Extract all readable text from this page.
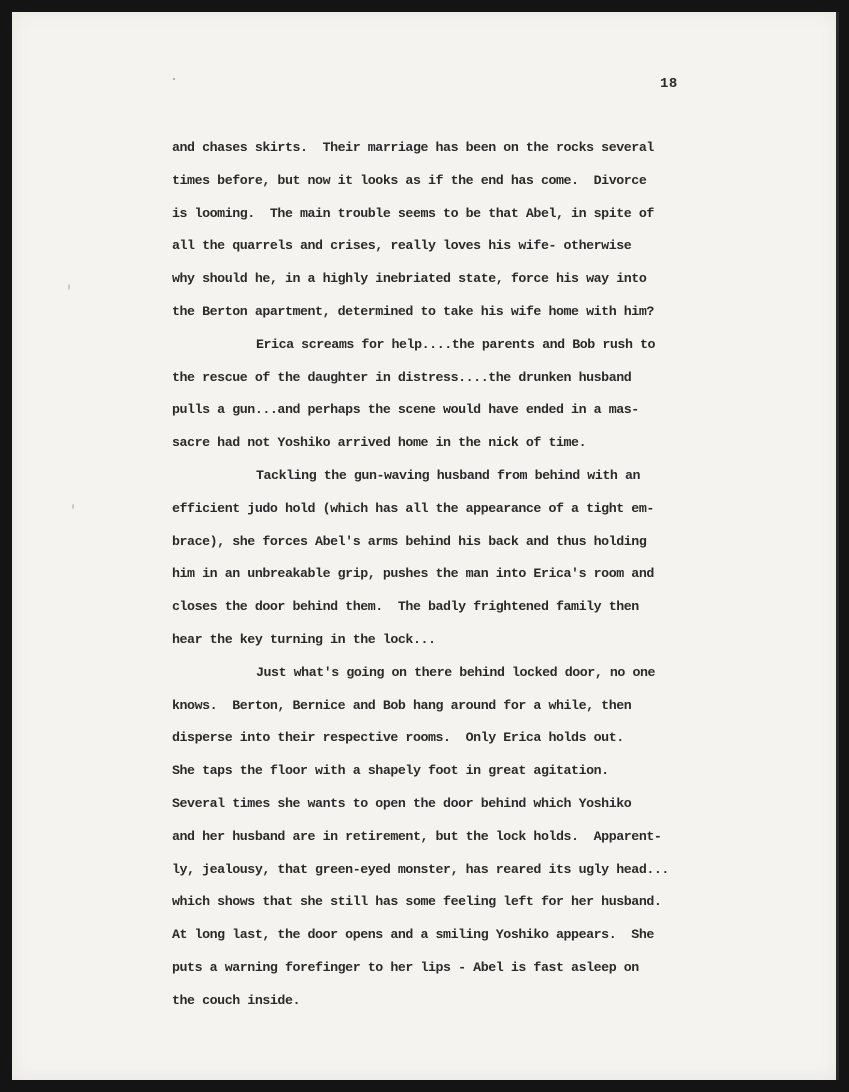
18
and chases skirts.  Their marriage has been on the rocks several
times before, but now it looks as if the end has come.  Divorce
is looming.  The main trouble seems to be that Abel, in spite of
all the quarrels and crises, really loves his wife- otherwise
why should he, in a highly inebriated state, force his way into
the Berton apartment, determined to take his wife home with him?
Erica screams for help....the parents and Bob rush to
the rescue of the daughter in distress....the drunken husband
pulls a gun...and perhaps the scene would have ended in a mas-
sacre had not Yoshiko arrived home in the nick of time.
Tackling the gun-waving husband from behind with an
efficient judo hold (which has all the appearance of a tight em-
brace), she forces Abel's arms behind his back and thus holding
him in an unbreakable grip, pushes the man into Erica's room and
closes the door behind them.  The badly frightened family then
hear the key turning in the lock...
Just what's going on there behind locked door, no one
knows.  Berton, Bernice and Bob hang around for a while, then
disperse into their respective rooms.  Only Erica holds out.
She taps the floor with a shapely foot in great agitation.
Several times she wants to open the door behind which Yoshiko
and her husband are in retirement, but the lock holds.  Apparent-
ly, jealousy, that green-eyed monster, has reared its ugly head...
which shows that she still has some feeling left for her husband.
At long last, the door opens and a smiling Yoshiko appears.  She
puts a warning forefinger to her lips - Abel is fast asleep on
the couch inside.
